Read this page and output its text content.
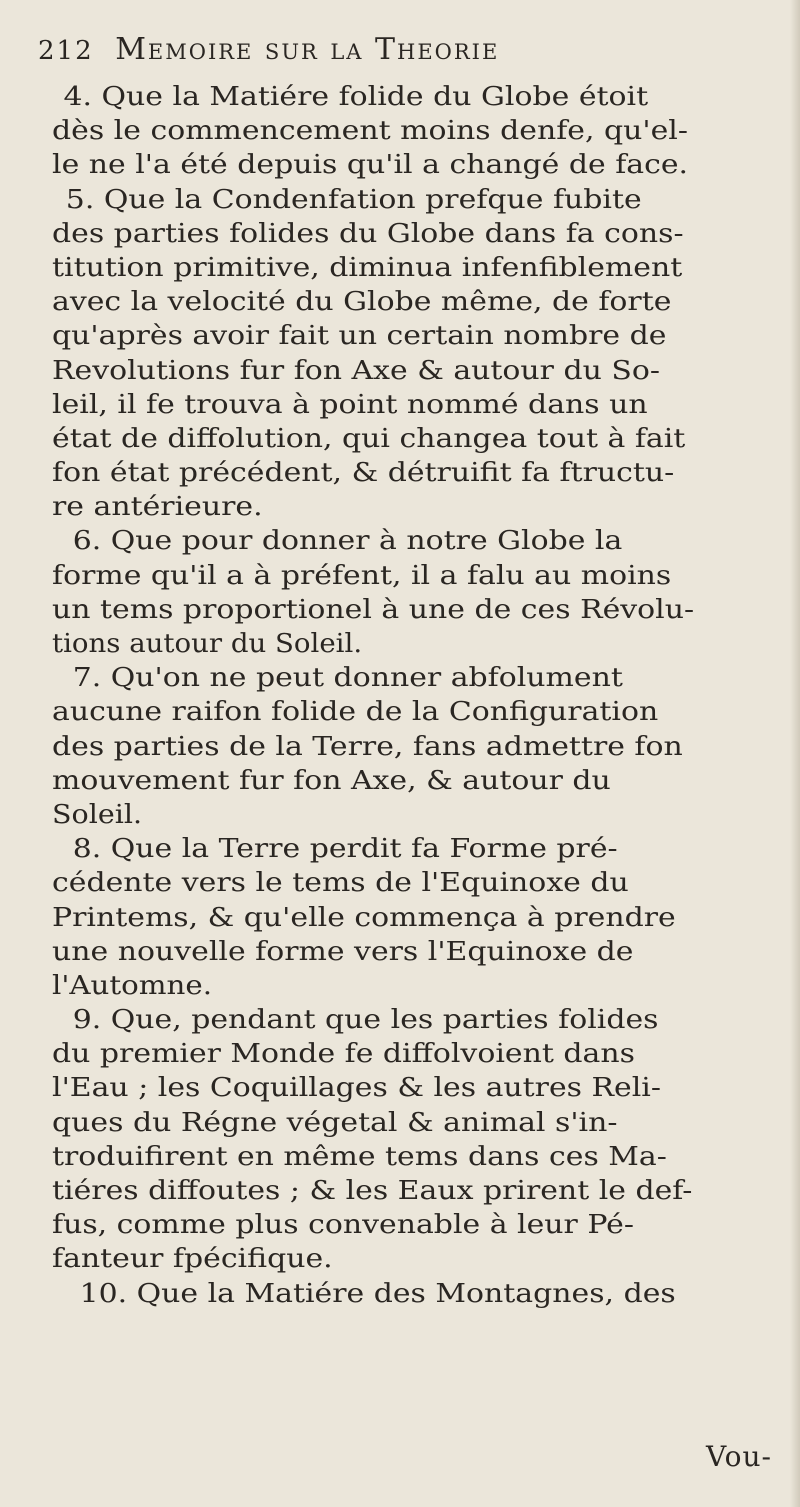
212 Memoire sur la Theorie
4. Que la Matiére folide du Globe étoit
dès le commencement moins denfe, qu'el-
le ne l'a été depuis qu'il a changé de face.
5. Que la Condenfation prefque fubite
des parties folides du Globe dans fa cons-
titution primitive, diminua infenfiblement
avec la velocité du Globe même, de forte
qu'après avoir fait un certain nombre de
Revolutions fur fon Axe & autour du So-
leil, il fe trouva à point nommé dans un
état de diffolution, qui changea tout à fait
fon état précédent, & détruifit fa ftructu-
re antérieure.
6. Que pour donner à notre Globe la
forme qu'il a à préfent, il a falu au moins
un tems proportionel à une de ces Révolu-
tions autour du Soleil.
7. Qu'on ne peut donner abfolument
aucune raifon folide de la Configuration
des parties de la Terre, fans admettre fon
mouvement fur fon Axe, & autour du
Soleil.
8. Que la Terre perdit fa Forme pré-
cédente vers le tems de l'Equinoxe du
Printems, & qu'elle commença à prendre
une nouvelle forme vers l'Equinoxe de
l'Automne.
9. Que, pendant que les parties folides
du premier Monde fe diffolvoient dans
l'Eau ; les Coquillages & les autres Reli-
ques du Régne végetal & animal s'in-
troduifirent en même tems dans ces Ma-
tiéres diffoutes ; & les Eaux prirent le def-
fus, comme plus convenable à leur Pé-
fanteur fpécifique.
10. Que la Matiére des Montagnes, des
Vou-
